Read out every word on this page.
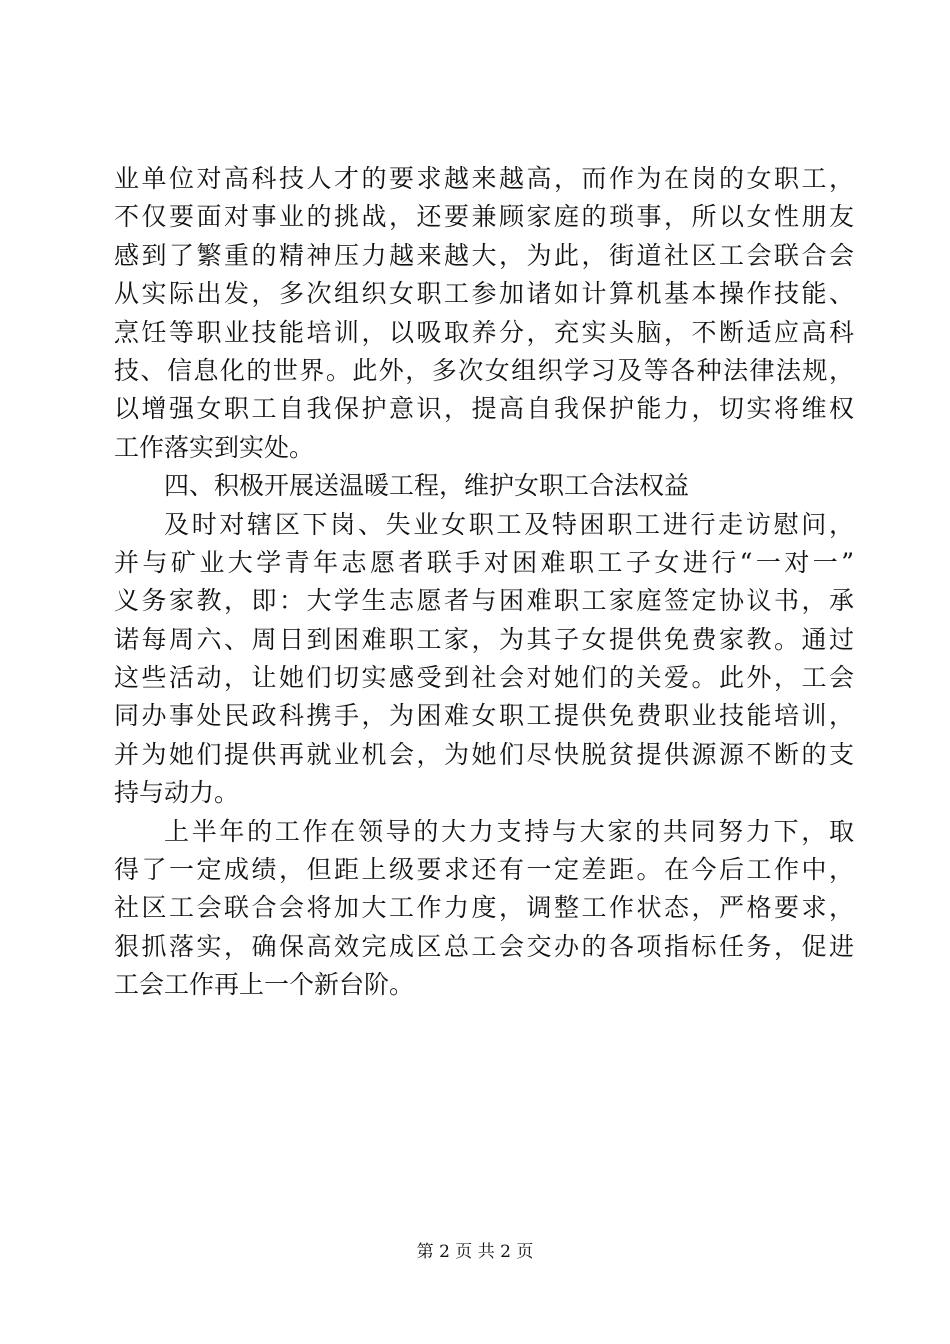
业单位对高科技人才的要求越来越高，而作为在岗的女职工，
不仅要面对事业的挑战，还要兼顾家庭的琐事，所以女性朋友
感到了繁重的精神压力越来越大，为此，街道社区工会联合会
从实际出发，多次组织女职工参加诸如计算机基本操作技能、
烹饪等职业技能培训，以吸取养分，充实头脑，不断适应高科
技、信息化的世界。此外，多次女组织学习及等各种法律法规，
以增强女职工自我保护意识，提高自我保护能力，切实将维权
工作落实到实处。
四、积极开展送温暖工程，维护女职工合法权益
及时对辖区下岗、失业女职工及特困职工进行走访慰问，
并与矿业大学青年志愿者联手对困难职工子女进行“一对一”
义务家教，即：大学生志愿者与困难职工家庭签定协议书，承
诺每周六、周日到困难职工家，为其子女提供免费家教。通过
这些活动，让她们切实感受到社会对她们的关爱。此外，工会
同办事处民政科携手，为困难女职工提供免费职业技能培训，
并为她们提供再就业机会，为她们尽快脱贫提供源源不断的支
持与动力。
上半年的工作在领导的大力支持与大家的共同努力下，取
得了一定成绩，但距上级要求还有一定差距。在今后工作中，
社区工会联合会将加大工作力度，调整工作状态，严格要求，
狠抓落实，确保高效完成区总工会交办的各项指标任务，促进
工会工作再上一个新台阶。
第 2 页 共 2 页
